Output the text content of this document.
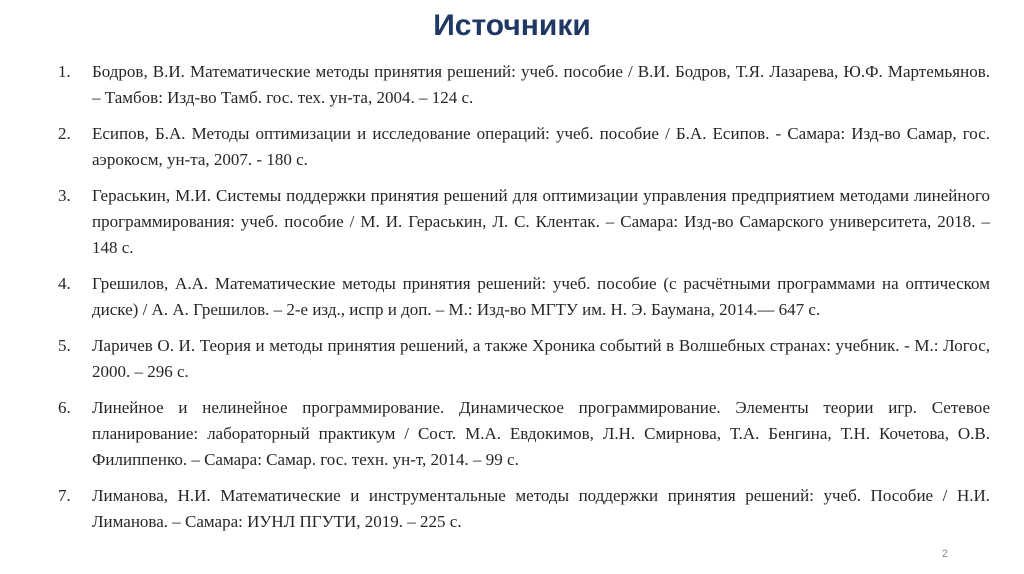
Источники
1. Бодров, В.И. Математические методы принятия решений: учеб. пособие / В.И. Бодров, Т.Я. Лазарева, Ю.Ф. Мартемьянов. – Тамбов: Изд-во Тамб. гос. тех. ун-та, 2004. – 124 с.
2. Есипов, Б.А. Методы оптимизации и исследование операций: учеб. пособие / Б.А. Есипов. - Самара: Изд-во Самар, гос. аэрокосм, ун-та, 2007. - 180 с.
3. Гераськин, М.И. Системы поддержки принятия решений для оптимизации управления предприятием методами линейного программирования: учеб. пособие / М. И. Гераськин, Л. С. Клентак. – Самара: Изд-во Самарского университета, 2018. – 148 с.
4. Грешилов, А.А. Математические методы принятия решений: учеб. пособие (с расчётными программами на оптическом диске) / А. А. Грешилов. – 2-е изд., испр и доп. – М.: Изд-во МГТУ им. Н. Э. Баумана, 2014.— 647 с.
5. Ларичев О. И. Теория и методы принятия решений, а также Хроника событий в Волшебных странах: учебник. - М.: Логос, 2000. – 296 с.
6. Линейное и нелинейное программирование. Динамическое программирование. Элементы теории игр. Сетевое планирование: лабораторный практикум / Сост. М.А. Евдокимов, Л.Н. Смирнова, Т.А. Бенгина, Т.Н. Кочетова, О.В. Филиппенко. – Самара: Самар. гос. техн. ун-т, 2014. – 99 с.
7. Лиманова, Н.И. Математические и инструментальные методы поддержки принятия решений: учеб. Пособие / Н.И. Лиманова. – Самара: ИУНЛ ПГУТИ, 2019. – 225 с.
2
